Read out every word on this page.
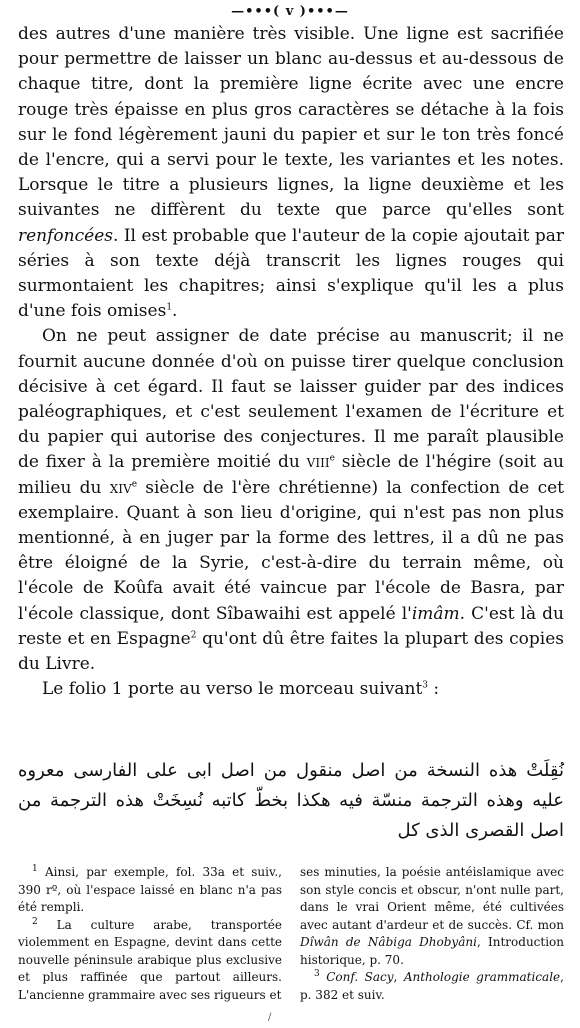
—•••( v )•••—

des autres d'une manière très visible. Une ligne est sacrifiée pour permettre de laisser un blanc au-dessus et au-dessous de chaque titre, dont la première ligne écrite avec une encre rouge très épaisse en plus gros caractères se détache à la fois sur le fond légèrement jauni du papier et sur le ton très foncé de l'encre, qui a servi pour le texte, les variantes et les notes. Lorsque le titre a plusieurs lignes, la ligne deuxième et les suivantes ne diffèrent du texte que parce qu'elles sont renfoncées. Il est probable que l'auteur de la copie ajoutait par séries à son texte déjà transcrit les lignes rouges qui surmontaient les chapitres; ainsi s'explique qu'il les a plus d'une fois omises$^1$.

On ne peut assigner de date précise au manuscrit; il ne fournit aucune donnée d'où on puisse tirer quelque conclusion décisive à cet égard. Il faut se laisser guider par des indices paléographiques, et c'est seulement l'examen de l'écriture et du papier qui autorise des conjectures. Il me paraît plausible de fixer à la première moitié du viii$^e$ siècle de l'hégire (soit au milieu du xiv$^e$ siècle de l'ère chrétienne) la confection de cet exemplaire. Quant à son lieu d'origine, qui n'est pas non plus mentionné, à en juger par la forme des lettres, il a dû ne pas être éloigné de la Syrie, c'est-à-dire du terrain même, où l'école de Koûfa avait été vaincue par l'école de Basra, par l'école classique, dont Sîbawaihi est appelé l'imâm. C'est là du reste et en Espagne$^2$ qu'ont dû être faites la plupart des copies du Livre.

Le folio 1 porte au verso le morceau suivant$^3$ :

نُقِلَتْ هذه النسخة من اصل منقول من اصل ابى على الفارسى معروه عليه وهذه الترجمة منسّة فيه هكذا بخطّ كاتبه نُسِخَتْ هذه الترجمة من اصل القصرى الذى كل

$^1$ Ainsi, par exemple, fol. 33a et suiv., 390 rº, où l'espace laissé en blanc n'a pas été rempli.

$^2$ La culture arabe, transportée violemment en Espagne, devint dans cette nouvelle péninsule arabique plus exclusive et plus raffinée que partout ailleurs. L'ancienne grammaire avec ses rigueurs et

ses minuties, la poésie antéislamique avec son style concis et obscur, n'ont nulle part, dans le vrai Orient même, été cultivées avec autant d'ardeur et de succès. Cf. mon Dîwân de Nâbiga Dhobyâni, Introduction historique, p. 70.

$^3$ Conf. Sacy, Anthologie grammaticale, p. 382 et suiv.

/
